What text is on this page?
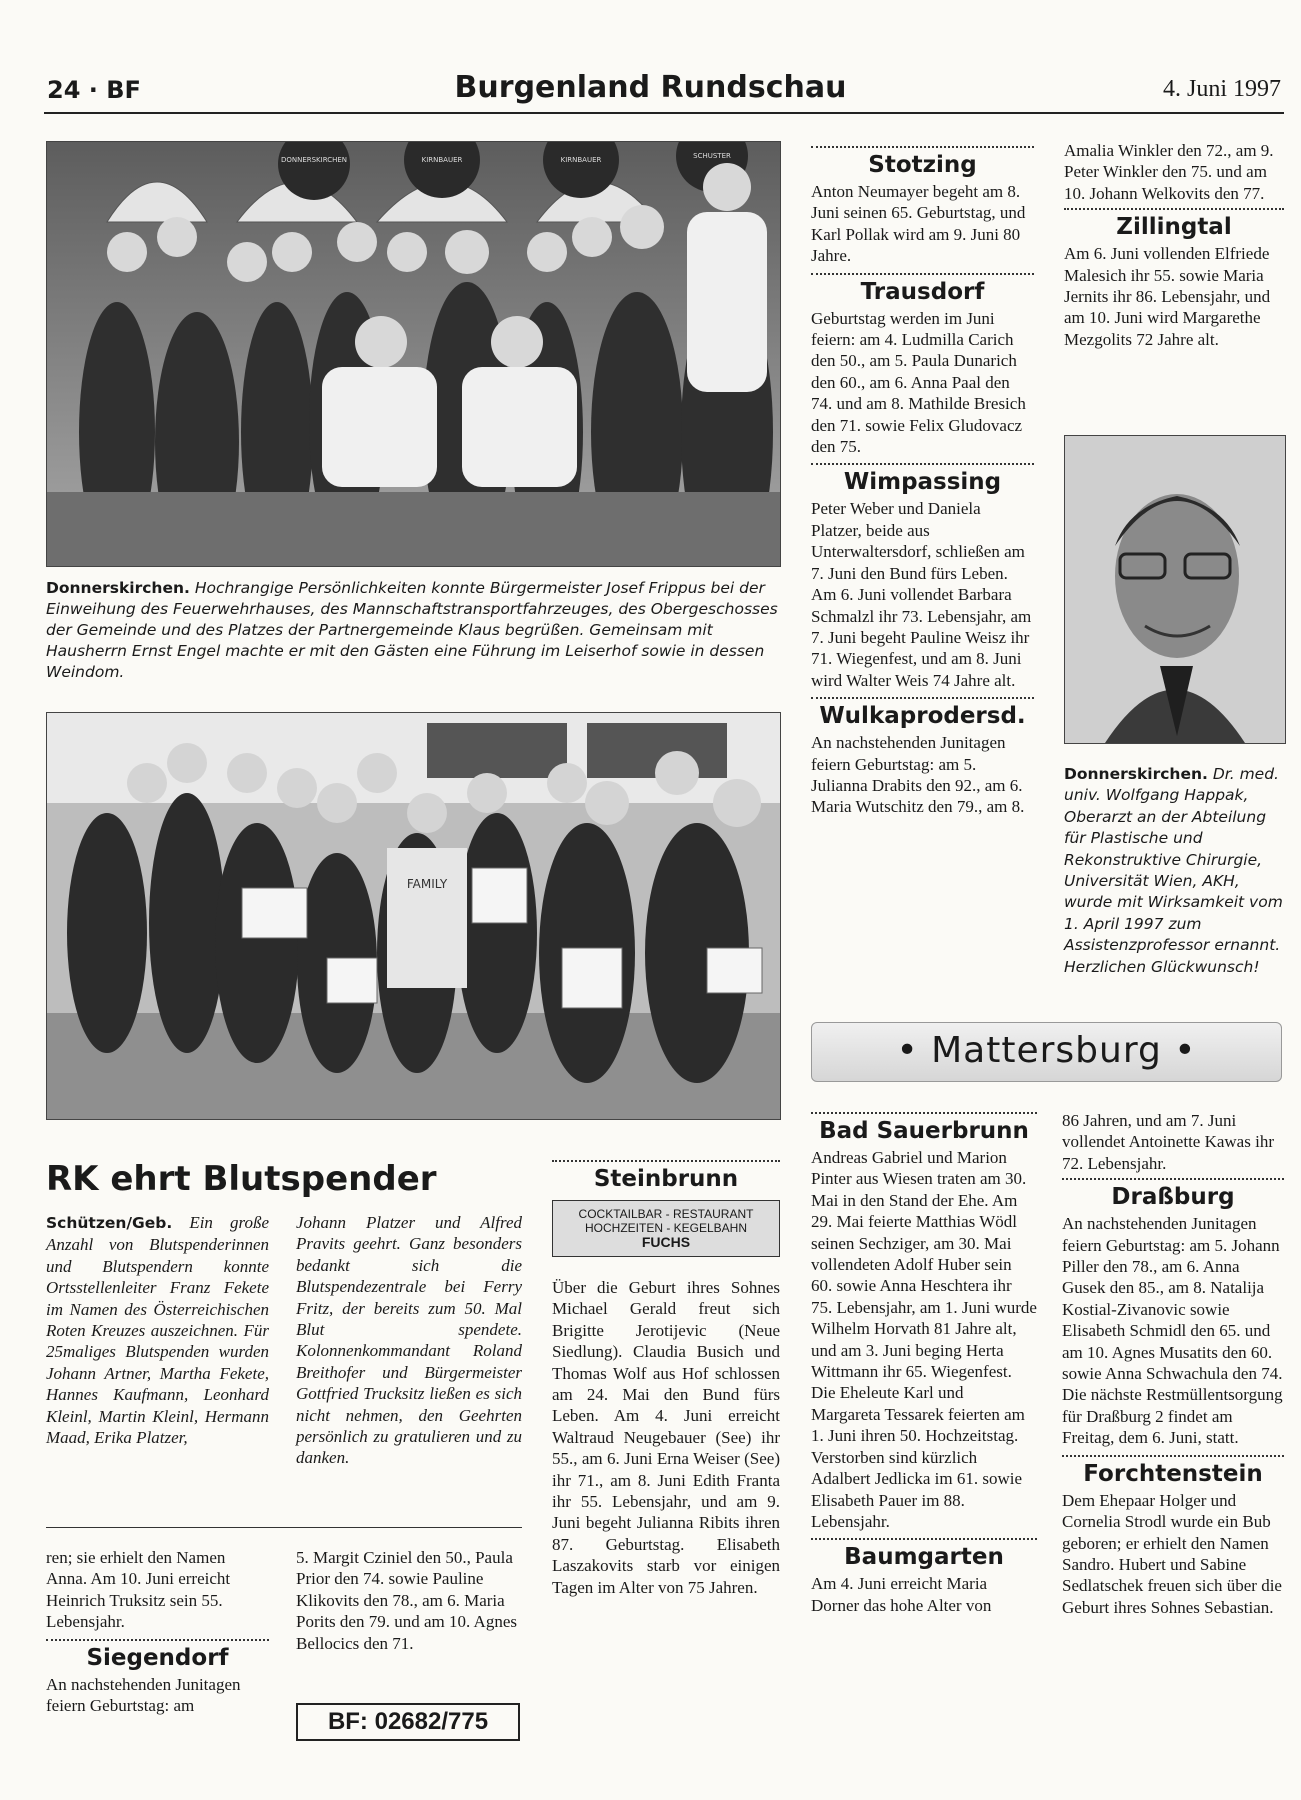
24 · BF	Burgenland Rundschau	4. Juni 1997
DONNERSKIRCHEN	KIRNBAUER	KIRNBAUER	SCHUSTER
Donnerskirchen. Hochrangige Persönlichkeiten konnte Bürgermeister Josef Frippus bei der Einweihung des Feuerwehrhauses, des Mannschaftstransportfahrzeuges, des Obergeschosses der Gemeinde und des Platzes der Partnergemeinde Klaus begrüßen. Gemeinsam mit Hausherrn Ernst Engel machte er mit den Gästen eine Führung im Leiserhof sowie in dessen Weindom.
FAMILY
Stotzing

Anton Neumayer begeht am 8. Juni seinen 65. Geburtstag, und Karl Pollak wird am 9. Juni 80 Jahre.

Trausdorf

Geburtstag werden im Juni feiern: am 4. Ludmilla Carich den 50., am 5. Paula Dunarich den 60., am 6. Anna Paal den 74. und am 8. Mathilde Bresich den 71. sowie Felix Gludovacz den 75.

Wimpassing

Peter Weber und Daniela Platzer, beide aus Unterwaltersdorf, schließen am 7. Juni den Bund fürs Leben.

Am 6. Juni vollendet Barbara Schmalzl ihr 73. Lebensjahr, am 7. Juni begeht Pauline Weisz ihr 71. Wiegenfest, und am 8. Juni wird Walter Weis 74 Jahre alt.

Wulkaprodersd.

An nachstehenden Junitagen feiern Geburtstag: am 5. Julianna Drabits den 92., am 6. Maria Wutschitz den 79., am 8.

Amalia Winkler den 72., am 9. Peter Winkler den 75. und am 10. Johann Welkovits den 77.

Zillingtal

Am 6. Juni vollenden Elfriede Malesich ihr 55. sowie Maria Jernits ihr 86. Lebensjahr, und am 10. Juni wird Margarethe Mezgolits 72 Jahre alt.

Donnerskirchen. Dr. med. univ. Wolfgang Happak, Oberarzt an der Abteilung für Plastische und Rekonstruktive Chirurgie, Universität Wien, AKH, wurde mit Wirksamkeit vom 1. April 1997 zum Assistenzprofessor ernannt. Herzlichen Glückwunsch!
• Mattersburg •
RK ehrt Blutspender
Schützen/Geb. Ein große Anzahl von Blutspenderinnen und Blutspendern konnte Ortsstellenleiter Franz Fekete im Namen des Österreichischen Roten Kreuzes auszeichnen. Für 25maliges Blutspenden wurden Johann Artner, Martha Fekete, Hannes Kaufmann, Leonhard Kleinl, Martin Kleinl, Hermann Maad, Erika Platzer,
Johann Platzer und Alfred Pravits geehrt. Ganz besonders bedankt sich die Blutspendezentrale bei Ferry Fritz, der bereits zum 50. Mal Blut spendete. Kolonnenkommandant Roland Breithofer und Bürgermeister Gottfried Trucksitz ließen es sich nicht nehmen, den Geehrten persönlich zu gratulieren und zu danken.

ren; sie erhielt den Namen Anna. Am 10. Juni erreicht Heinrich Truksitz sein 55. Lebensjahr.

Siegendorf

An nachstehenden Junitagen feiern Geburtstag: am

5. Margit Cziniel den 50., Paula Prior den 74. sowie Pauline Klikovits den 78., am 6. Maria Porits den 79. und am 10. Agnes Bellocics den 71.

BF: 02682/775
Steinbrunn
COCKTAILBAR - RESTAURANT
HOCHZEITEN - KEGELBAHN
FUCHS

Über die Geburt ihres Sohnes Michael Gerald freut sich Brigitte Jerotijevic (Neue Siedlung). Claudia Busich und Thomas Wolf aus Hof schlossen am 24. Mai den Bund fürs Leben. Am 4. Juni erreicht Waltraud Neugebauer (See) ihr 55., am 6. Juni Erna Weiser (See) ihr 71., am 8. Juni Edith Franta ihr 55. Lebensjahr, und am 9. Juni begeht Julianna Ribits ihren 87. Geburtstag. Elisabeth Laszakovits starb vor einigen Tagen im Alter von 75 Jahren.

Bad Sauerbrunn

Andreas Gabriel und Marion Pinter aus Wiesen traten am 30. Mai in den Stand der Ehe. Am 29. Mai feierte Matthias Wödl seinen Sechziger, am 30. Mai vollendeten Adolf Huber sein 60. sowie Anna Heschtera ihr 75. Lebensjahr, am 1. Juni wurde Wilhelm Horvath 81 Jahre alt, und am 3. Juni beging Herta Wittmann ihr 65. Wiegenfest. Die Eheleute Karl und Margareta Tessarek feierten am 1. Juni ihren 50. Hochzeitstag. Verstorben sind kürzlich Adalbert Jedlicka im 61. sowie Elisabeth Pauer im 88. Lebensjahr.

Baumgarten

Am 4. Juni erreicht Maria Dorner das hohe Alter von

86 Jahren, und am 7. Juni vollendet Antoinette Kawas ihr 72. Lebensjahr.

Draßburg

An nachstehenden Junitagen feiern Geburtstag: am 5. Johann Piller den 78., am 6. Anna Gusek den 85., am 8. Natalija Kostial-Zivanovic sowie Elisabeth Schmidl den 65. und am 10. Agnes Musatits den 60. sowie Anna Schwachula den 74.

Die nächste Restmüllentsorgung für Draßburg 2 findet am Freitag, dem 6. Juni, statt.

Forchtenstein

Dem Ehepaar Holger und Cornelia Strodl wurde ein Bub geboren; er erhielt den Namen Sandro. Hubert und Sabine Sedlatschek freuen sich über die Geburt ihres Sohnes Sebastian.
